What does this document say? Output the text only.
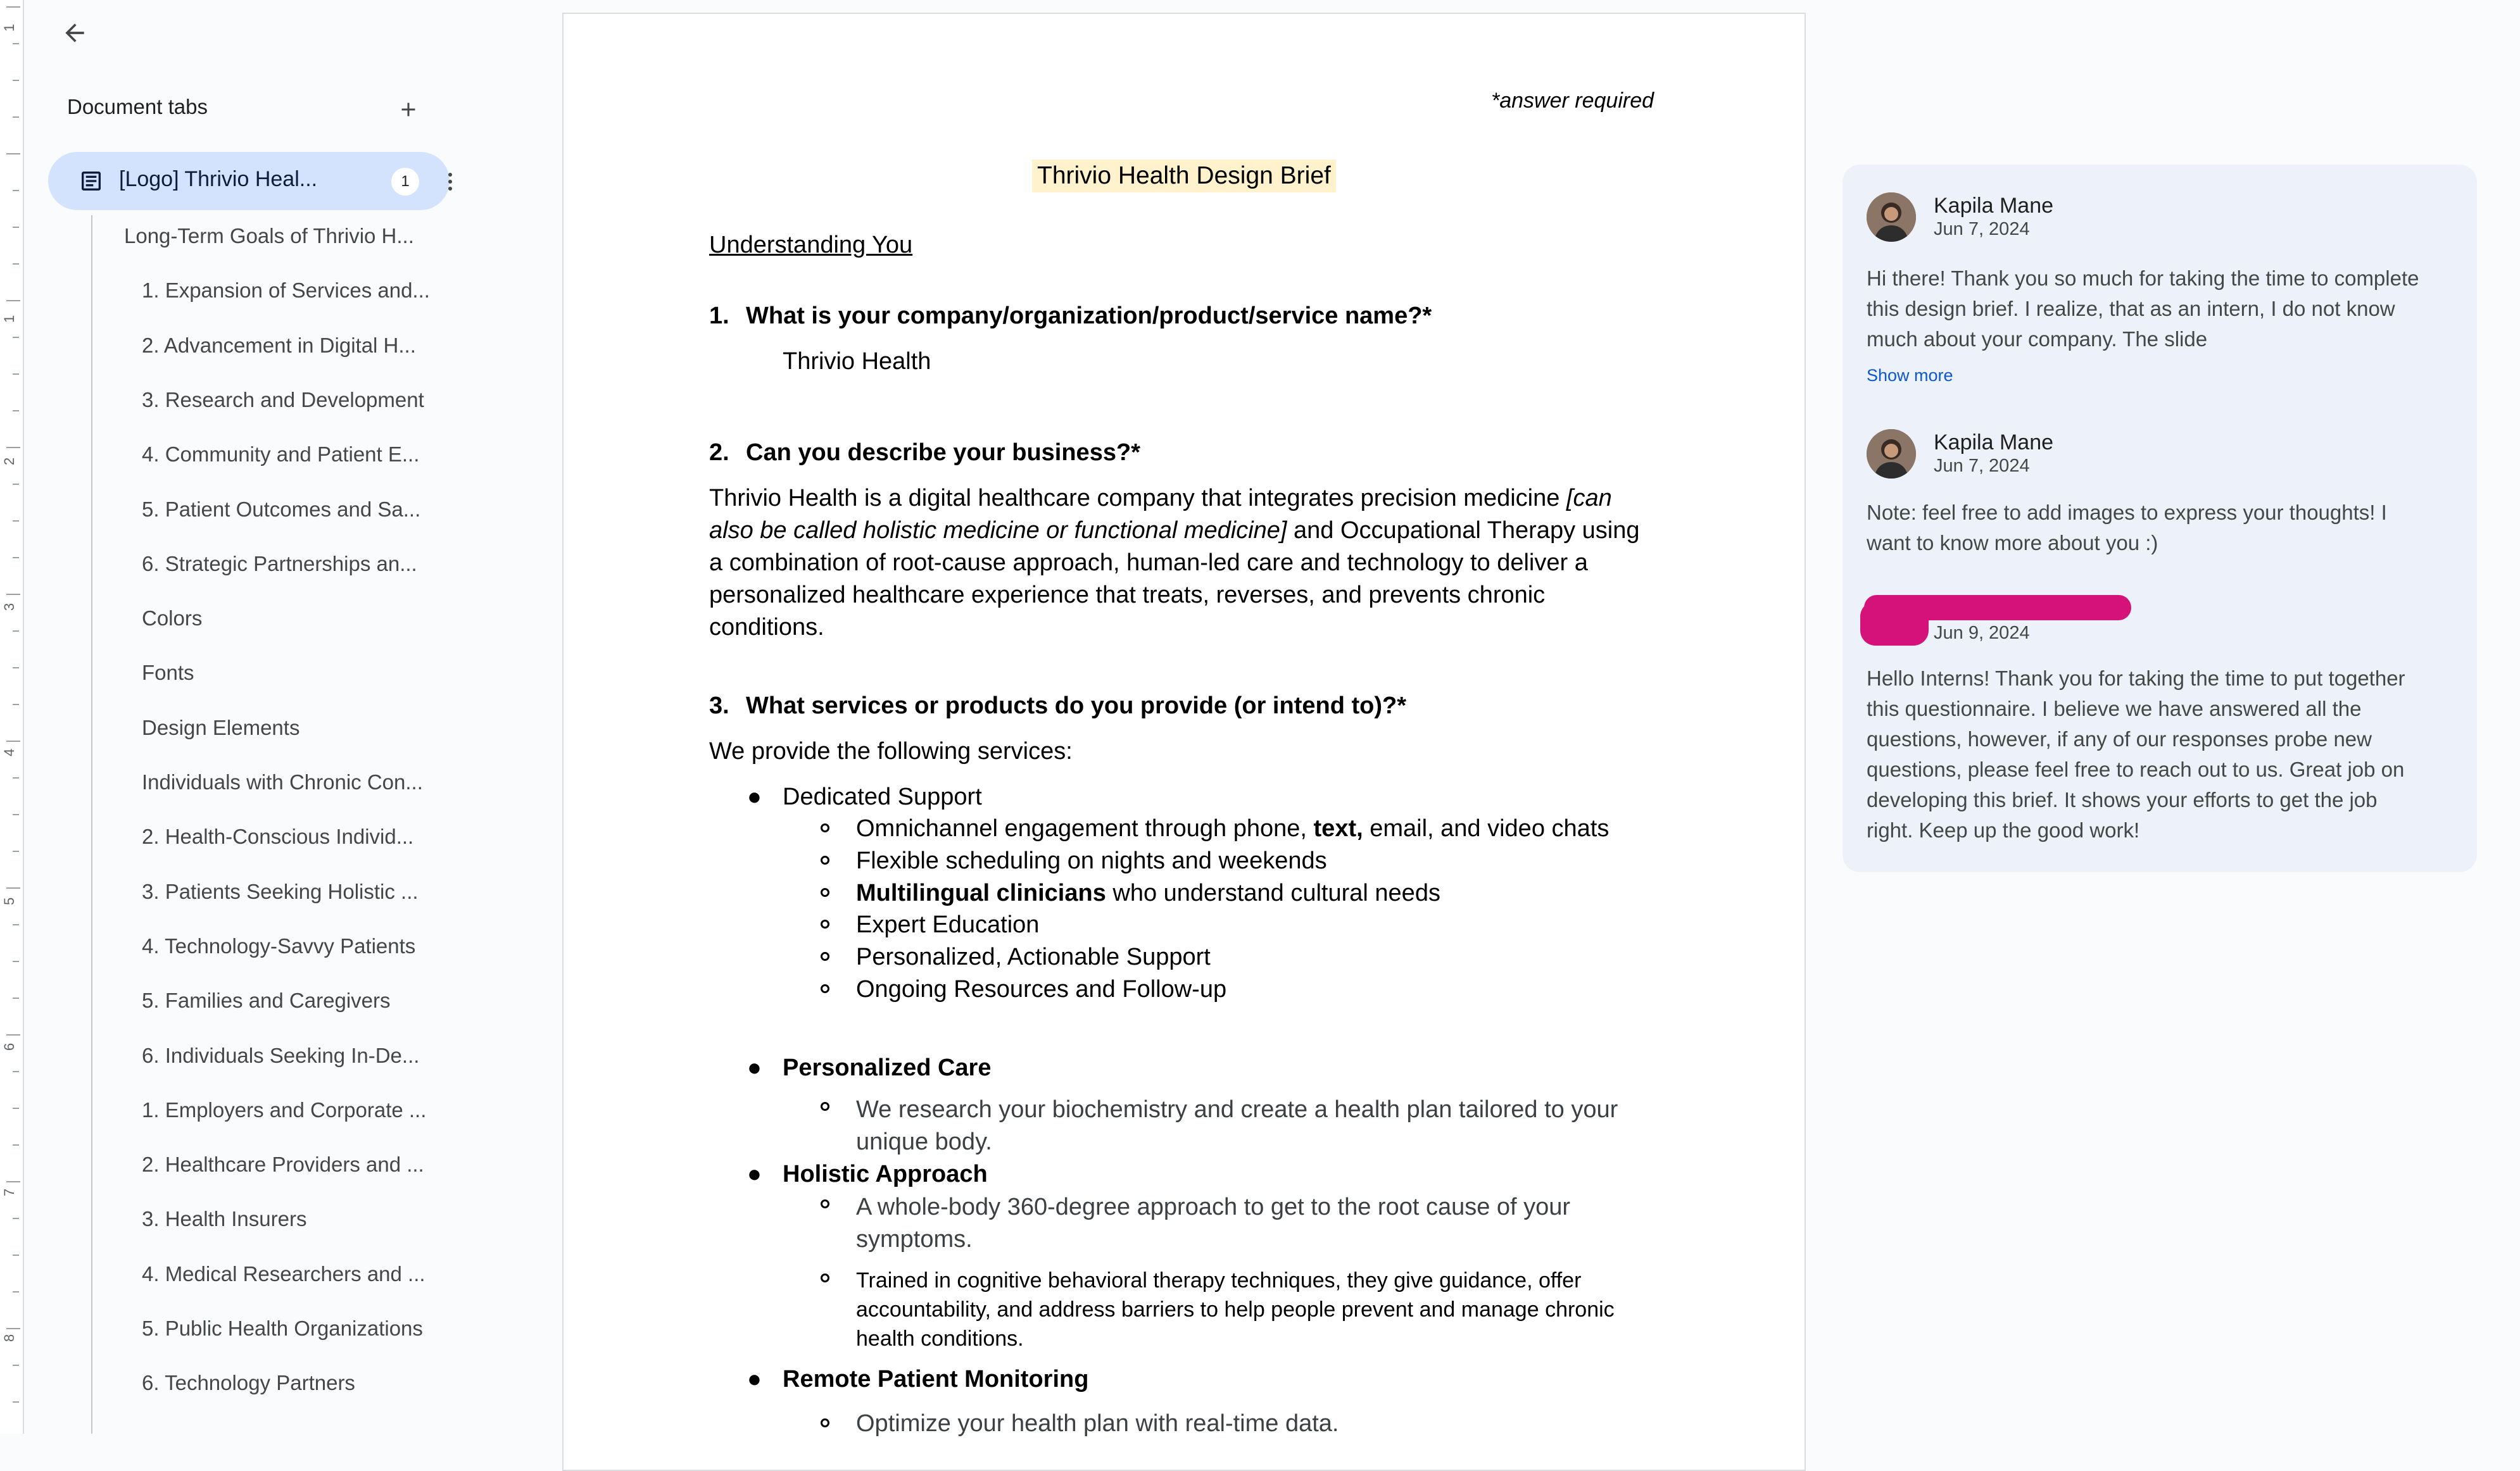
1
1
2
3
4
5
6
7
8
Document tabs
[Logo] Thrivio Heal...	1
Long-Term Goals of Thrivio H...
1. Expansion of Services and...
2. Advancement in Digital H...
3. Research and Development
4. Community and Patient E...
5. Patient Outcomes and Sa...
6. Strategic Partnerships an...
Colors
Fonts
Design Elements
Individuals with Chronic Con...
2. Health-Conscious Individ...
3. Patients Seeking Holistic ...
4. Technology-Savvy Patients
5. Families and Caregivers
6. Individuals Seeking In-De...
1. Employers and Corporate ...
2. Healthcare Providers and ...
3. Health Insurers
4. Medical Researchers and ...
5. Public Health Organizations
6. Technology Partners
*answer required
Thrivio Health Design Brief
Understanding You
1. What is your company/organization/product/service name?*
Thrivio Health
2. Can you describe your business?*
Thrivio Health is a digital healthcare company that integrates precision medicine [can also be called holistic medicine or functional medicine] and Occupational Therapy using a combination of root-cause approach, human-led care and technology to deliver a personalized healthcare experience that treats, reverses, and prevents chronic conditions.
3. What services or products do you provide (or intend to)?*
We provide the following services:
● Dedicated Support
Omnichannel engagement through phone, text, email, and video chats
Flexible scheduling on nights and weekends
Multilingual clinicians who understand cultural needs
Expert Education
Personalized, Actionable Support
Ongoing Resources and Follow-up
● Personalized Care
We research your biochemistry and create a health plan tailored to your unique body.
● Holistic Approach
A whole-body 360-degree approach to get to the root cause of your symptoms.
Trained in cognitive behavioral therapy techniques, they give guidance, offer accountability, and address barriers to help people prevent and manage chronic health conditions.
● Remote Patient Monitoring
Optimize your health plan with real-time data.
Kapila Mane
Jun 7, 2024
Hi there! Thank you so much for taking the time to complete this design brief. I realize, that as an intern, I do not know much about your company. The slide
Show more
Kapila Mane
Jun 7, 2024
Note: feel free to add images to express your thoughts! I want to know more about you :)
Jun 9, 2024
Hello Interns! Thank you for taking the time to put together this questionnaire. I believe we have answered all the questions, however, if any of our responses probe new questions, please feel free to reach out to us. Great job on developing this brief. It shows your efforts to get the job right. Keep up the good work!
